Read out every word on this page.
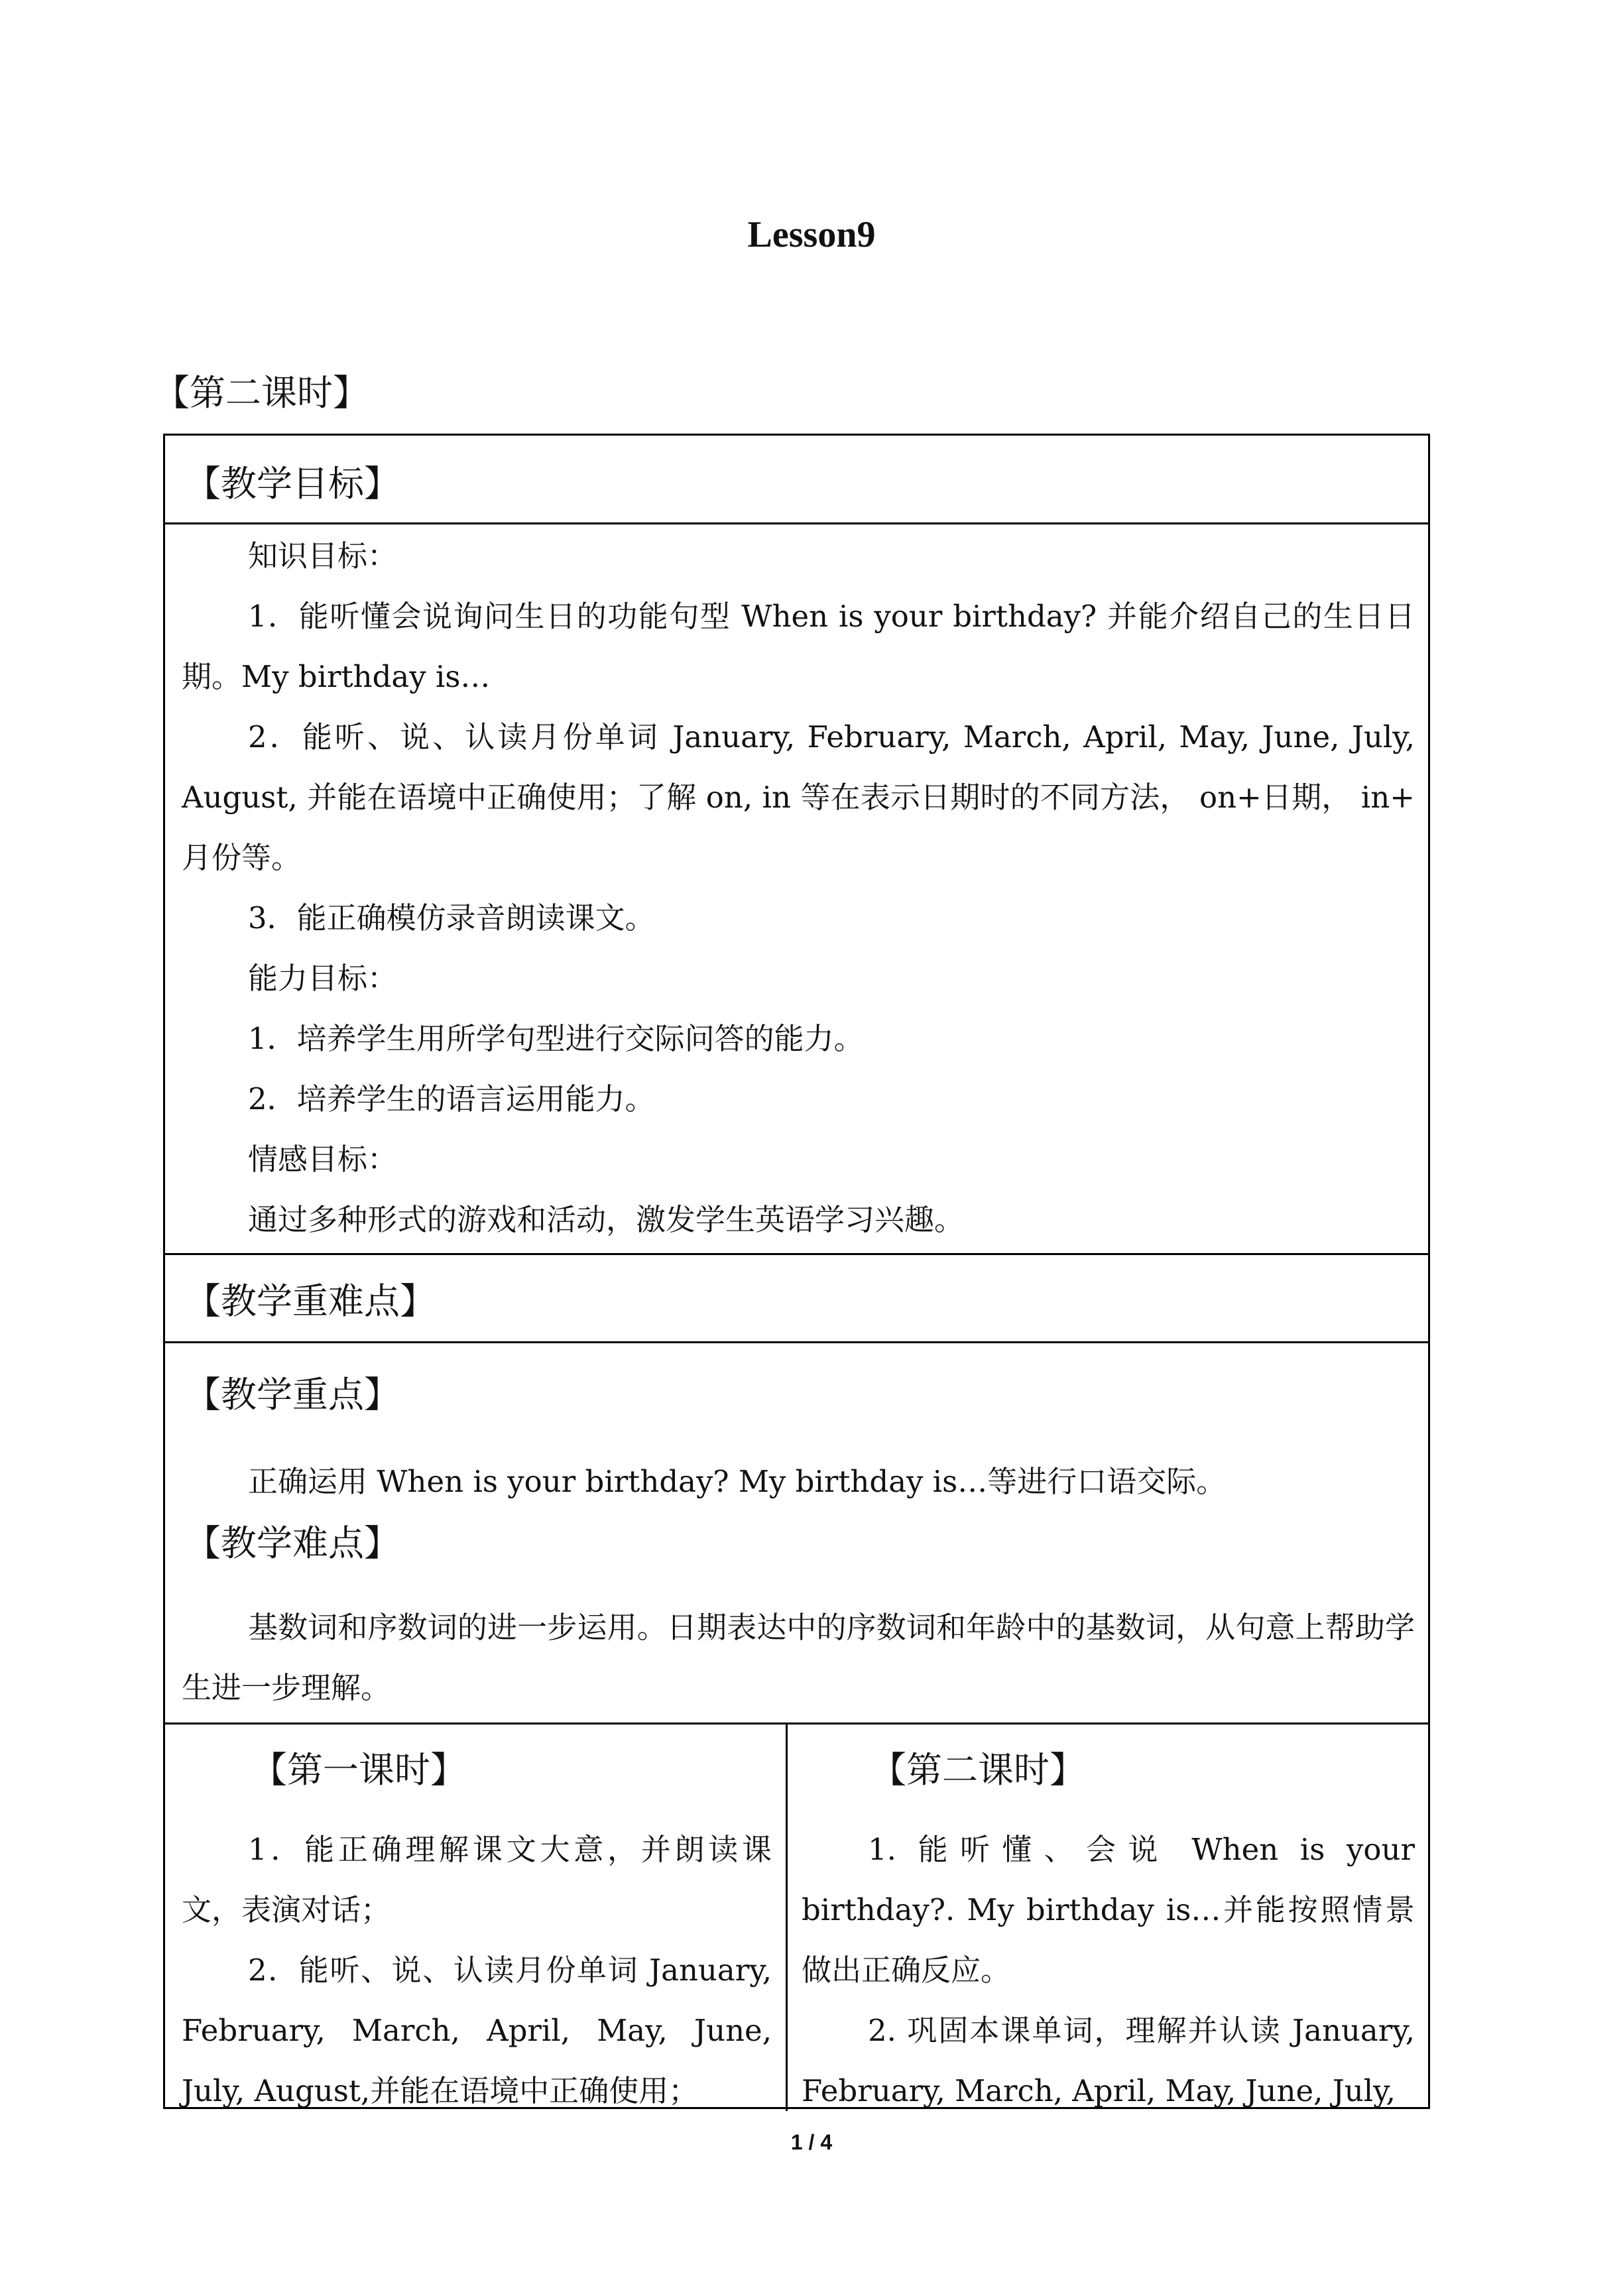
Lesson9
【第二课时】
【教学目标】

知识目标：

1．能听懂会说询问生日的功能句型 When is your birthday? 并能介绍自己的生日日期。My birthday is…

2．能听、说、认读月份单词 January, February, March, April, May, June, July, August, 并能在语境中正确使用；了解 on, in 等在表示日期时的不同方法， on+日期， in+ 月份等。

3．能正确模仿录音朗读课文。

能力目标：

1．培养学生用所学句型进行交际问答的能力。

2．培养学生的语言运用能力。

情感目标：

通过多种形式的游戏和活动，激发学生英语学习兴趣。

【教学重难点】
【教学重点】

正确运用 When is your birthday? My birthday is…等进行口语交际。

【教学难点】

基数词和序数词的进一步运用。日期表达中的序数词和年龄中的基数词，从句意上帮助学生进一步理解。

【第一课时】

1．能正确理解课文大意，并朗读课文，表演对话；

2．能听、说、认读月份单词 January, February, March, April, May, June, July, August,并能在语境中正确使用；

【第二课时】

1. 能听懂、会说 When is your birthday?. My birthday is…并能按照情景做出正确反应。

2. 巩固本课单词，理解并认读 January, February, March, April, May, June, July,

1 / 4
